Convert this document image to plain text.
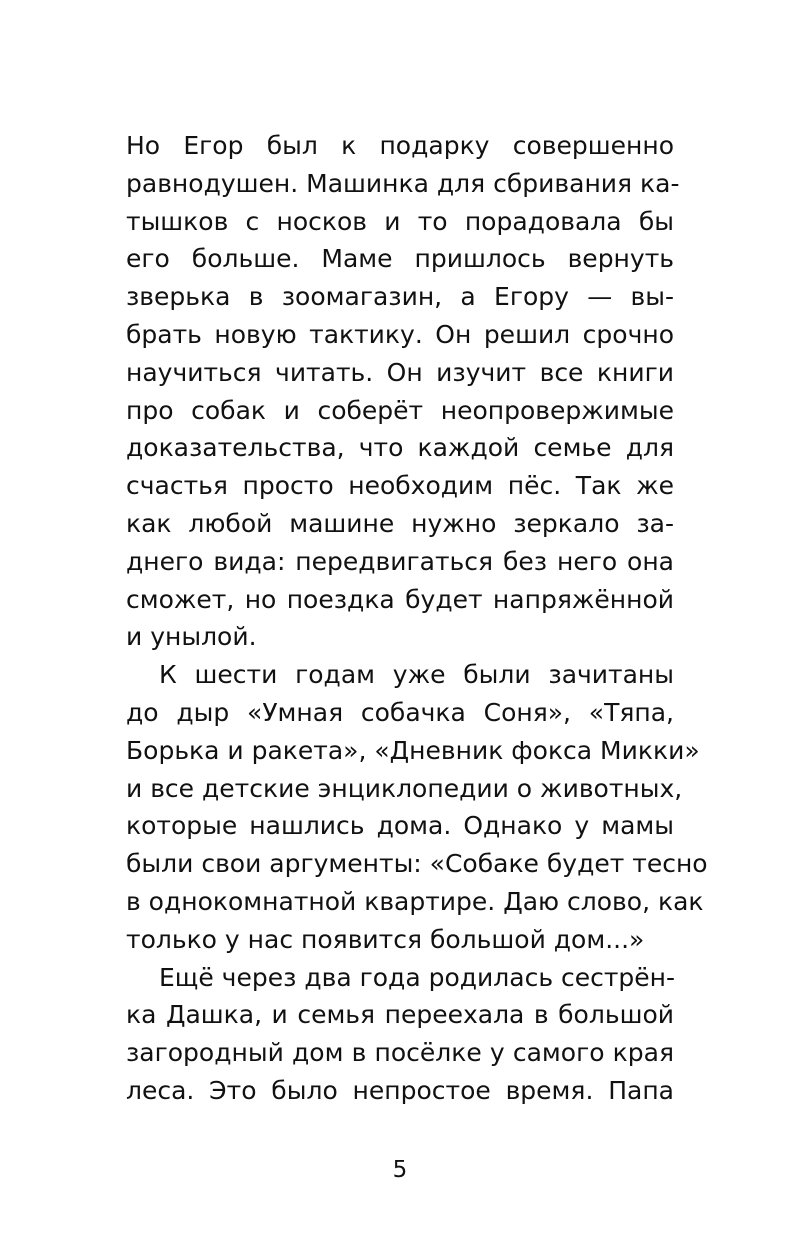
Но Егор был к подарку совершенно
равнодушен. Машинка для сбривания ка-
тышков с носков и то порадовала бы
его больше. Маме пришлось вернуть
зверька в зоомагазин, а Егору — вы-
брать новую тактику. Он решил срочно
научиться читать. Он изучит все книги
про собак и соберёт неопровержимые
доказательства, что каждой семье для
счастья просто необходим пёс. Так же
как любой машине нужно зеркало за-
днего вида: передвигаться без него она
сможет, но поездка будет напряжённой
и унылой.
К шести годам уже были зачитаны
до дыр «Умная собачка Соня», «Тяпа,
Борька и ракета», «Дневник фокса Микки»
и все детские энциклопедии о животных,
которые нашлись дома. Однако у мамы
были свои аргументы: «Собаке будет тесно
в однокомнатной квартире. Даю слово, как
только у нас появится большой дом...»
Ещё через два года родилась сестрён-
ка Дашка, и семья переехала в большой
загородный дом в посёлке у самого края
леса. Это было непростое время. Папа
5
